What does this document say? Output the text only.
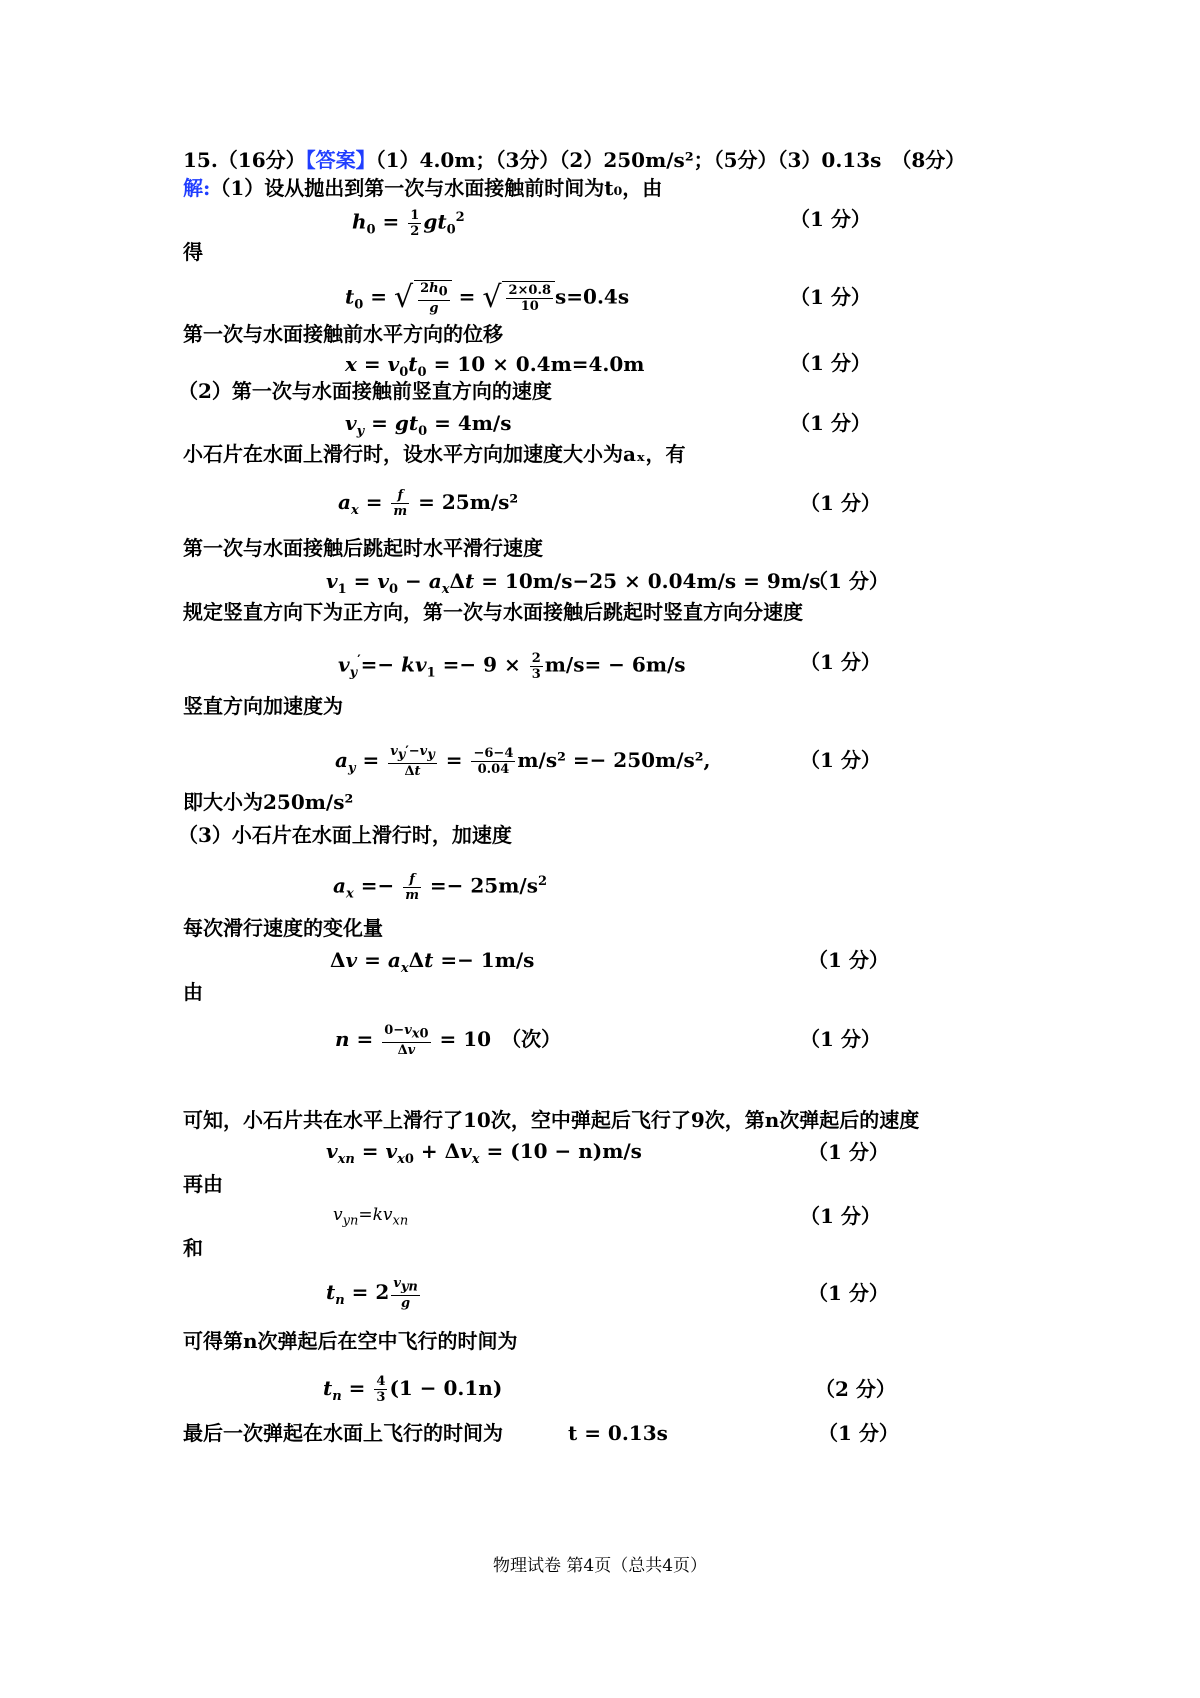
15.（16分）【答案】（1）4.0m；（3分）（2）250m/s²；（5分）（3）0.13s　（8分）
解:（1）设从抛出到第一次与水面接触前时间为t₀，由
$h_0 = \frac{1}{2} gt_0^2$	（1 分）
得
$t_0$ = √ $\frac{2h_0}{g}$ = √ $\frac{2\times 0.8}{10} s=0.4s$	（1 分）
第一次与水面接触前水平方向的位移
$x = v_0t_0 = 10 \times 0.4m=4.0m$	（1 分）
（2）第一次与水面接触前竖直方向的速度
$v_y = gt_0 = 4m/s$	（1 分）
小石片在水面上滑行时，设水平方向加速度大小为aₓ，有
$a_x = \frac{f}{m} = 25m/s^2$	（1 分）
第一次与水面接触后跳起时水平滑行速度
$v_1 = v_0 - a_x\Delta t = 10m/s-25 \times 0.04m/s = 9m/s$
（1 分）
规定竖直方向下为正方向，第一次与水面接触后跳起时竖直方向分速度
$v_y'=- kv_1 =- 9 \times \frac{2}{3} m/s= - 6m/s$	（1 分）
竖直方向加速度为
$a_y = \frac{v_y'-v_y}{\Delta t} = \frac{-6-4}{0.04} m/s^2 =- 250m/s^2$,	（1 分）
即大小为250m/s²
（3）小石片在水面上滑行时，加速度
$a_x =- \frac{f}{m} =- 25m/s^2$
每次滑行速度的变化量
$\Delta v = a_x\Delta t =- 1m/s$	（1 分）
由
$n = \frac{0-v_{x0}}{\Delta v} = 10$　（次）	（1 分）
可知，小石片共在水平上滑行了10次，空中弹起后飞行了9次，第n次弹起后的速度
$v_{xn} = v_{x0} + \Delta v_x = (10 - n)m/s$	（1 分）
再由
$v_{yn}=kv_{xn}$	（1 分）
和
$t_n = 2 \frac{v_{yn}}{g}$	（1 分）
可得第n次弹起后在空中飞行的时间为
$t_n = \frac{4}{3} (1 - 0.1n)$	（2 分）
最后一次弹起在水面上飞行的时间为	t = 0.13s	（1 分）
物理试卷 第4页（总共4页）
